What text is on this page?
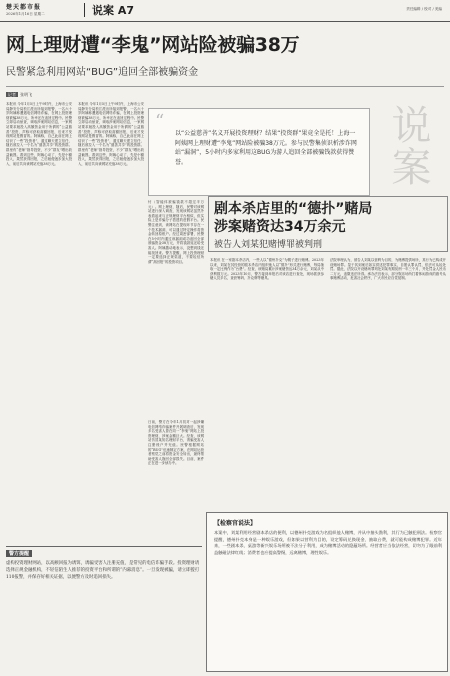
楚天都市报
2026年1月16日 星期二	说案 A7	责任编辑 / 校对 / 美编
网上理财遭“李鬼”网站险被骗38万
民警紧急利用网站“BUG”追回全部被骗资金
记者 张明飞
“
以“公益慈善”名义开展投资理财？结果“投资群”果竟全是托！上海一阿姨网上理财遭“李鬼”网站险被骗38万元。参与民警集侦识析涉诈网站“漏洞”，5小时内多家利用这BUG为游人追回全部被骗钱款获得赞誉。	说案
本报讯 今年1月5日上午9时许，上海市公安局静安分局松江派出所接到报警，一名六十岁阿姨称遭遇电信网络诈骗，在网上投资理财被骗38万元，所幸还在追回过程中。民警立即启动侦查，调取涉案网站信息，一家网站要求她投入高额资金用于所谓的“公益慈善”投资，声称可获取高额回报，后来才发现网站是假冒的。阿姨称，自己此前在网上结识了一些“投资者”，通过聊天建立信任，随后被拉入一个名为“慈善共享”的投资群。群里有“老师”指导投资，不少“群友”晒出收益截图。看到这些，阿姨心动了，先是小额投入，果然获得回报，之后她便逐步加大投入，前后共向该网站充值38万元。
本报讯 今年1月5日上午9时许，上海市公安局静安分局松江派出所接到报警，一名六十岁阿姨称遭遇电信网络诈骗，在网上投资理财被骗38万元，所幸还在追回过程中。民警立即启动侦查，调取涉案网站信息，一家网站要求她投入高额资金用于所谓的“公益慈善”投资，声称可获取高额回报，后来才发现网站是假冒的。阿姨称，自己此前在网上结识了一些“投资者”，通过聊天建立信任，随后被拉入一个名为“慈善共享”的投资群。群里有“老师”指导投资，不少“群友”晒出收益截图。看到这些，阿姨心动了，先是小额投入，果然获得回报，之后她便逐步加大投入，前后共向该网站充值38万元。
付（智能体被骗钱款不超过半万元）。网上理财，随后，民警对该网站进行深入调查，发现该网站虽然外表看起来与正规理财平台相似，但实际上是诈骗分子搭建的虚假平台。民警注意到，该网站在提现环节存在一个技术漏洞，可以通过特定操作将资金转回原账户。经过周密部署，民警在5小时内通过该漏洞成功追回全部被骗资金38万元，并将钱款返还给受害人。阿姨激动地表示，没想到钱还能找回来。警方提醒，网上投资理财一定要选择正规渠道，不要轻信所谓“高回报”的投资项目。
日前，警方在今年1月初对一起涉嫌电信网络诈骗案件开展调查后，发现多名受害人曾在同一“李鬼”网站上投资理财，涉案金额巨大。经查，该网站仿冒某知名理财平台，诱骗受害人注册账户并充值。民警根据网站的“BUG”迅速制定方案，在网站运营者察觉之前将资金安全转出，最终帮助受害人挽回全部损失。目前，案件正在进一步侦办中。
剧本杀店里的“德扑”赌局
涉案赌资达34万余元
被告人刘某犯赌博罪被判刑
本报讯 在一家剧本杀店内，一些人以“德州扑克”为幌子进行赌博。2023年以来，刘某在其经营的剧本杀店内组织他人以“德扑”形式进行赌博，每局抽取一定比例作为“台费”。经查，该赌局累计涉案赌资达34万余元，刘某从中获利数万元。2023年10月，警方接到举报后对该店进行查处，现场抓获参赌人员多名，查获筹码、扑克牌等赌具。
法院审理认为，被告人刘某以营利为目的，为赌博提供场所，其行为已构成开设赌场罪。鉴于其到案后如实供述犯罪事实，自愿认罪认罚，依法可从轻处罚。据此，法院以开设赌场罪判处刘某有期徒刑一年三个月，并处罚金人民币二万元，追缴违法所得。承办法官表示，部分娱乐场所打着休闲游戏的旗号从事赌博活动，危害社会秩序，广大市民应自觉抵制。
【检察官说法】
本案中，刘某利用经营剧本杀店的便利，以德州扑克游戏为名组织他人赌博，并从中抽头渔利，其行为已触犯刑法。检察官提醒，德州扑克本身是一种娱乐游戏，但如果以营利为目的，设定筹码兑换现金、抽取台费，就可能构成赌博犯罪。近年来，一些剧本杀、桌游等新兴娱乐场所被不法分子利用，成为赌博活动的隐蔽场所。经营者应当依法经营，切勿为了眼前利益触碰法律红线；消费者也应提高警惕，远离赌博，理性娱乐。
警方提醒
虚构投资理财网站，以高额回报为诱饵，诱骗受害人注册充值，是常见的电信诈骗手段。投资理财请选择正规金融机构，不轻信陌生人推荐的投资平台和所谓的“内幕消息”。一旦发现被骗，请立即拨打110报警，并保存好相关证据，以便警方及时追回损失。
